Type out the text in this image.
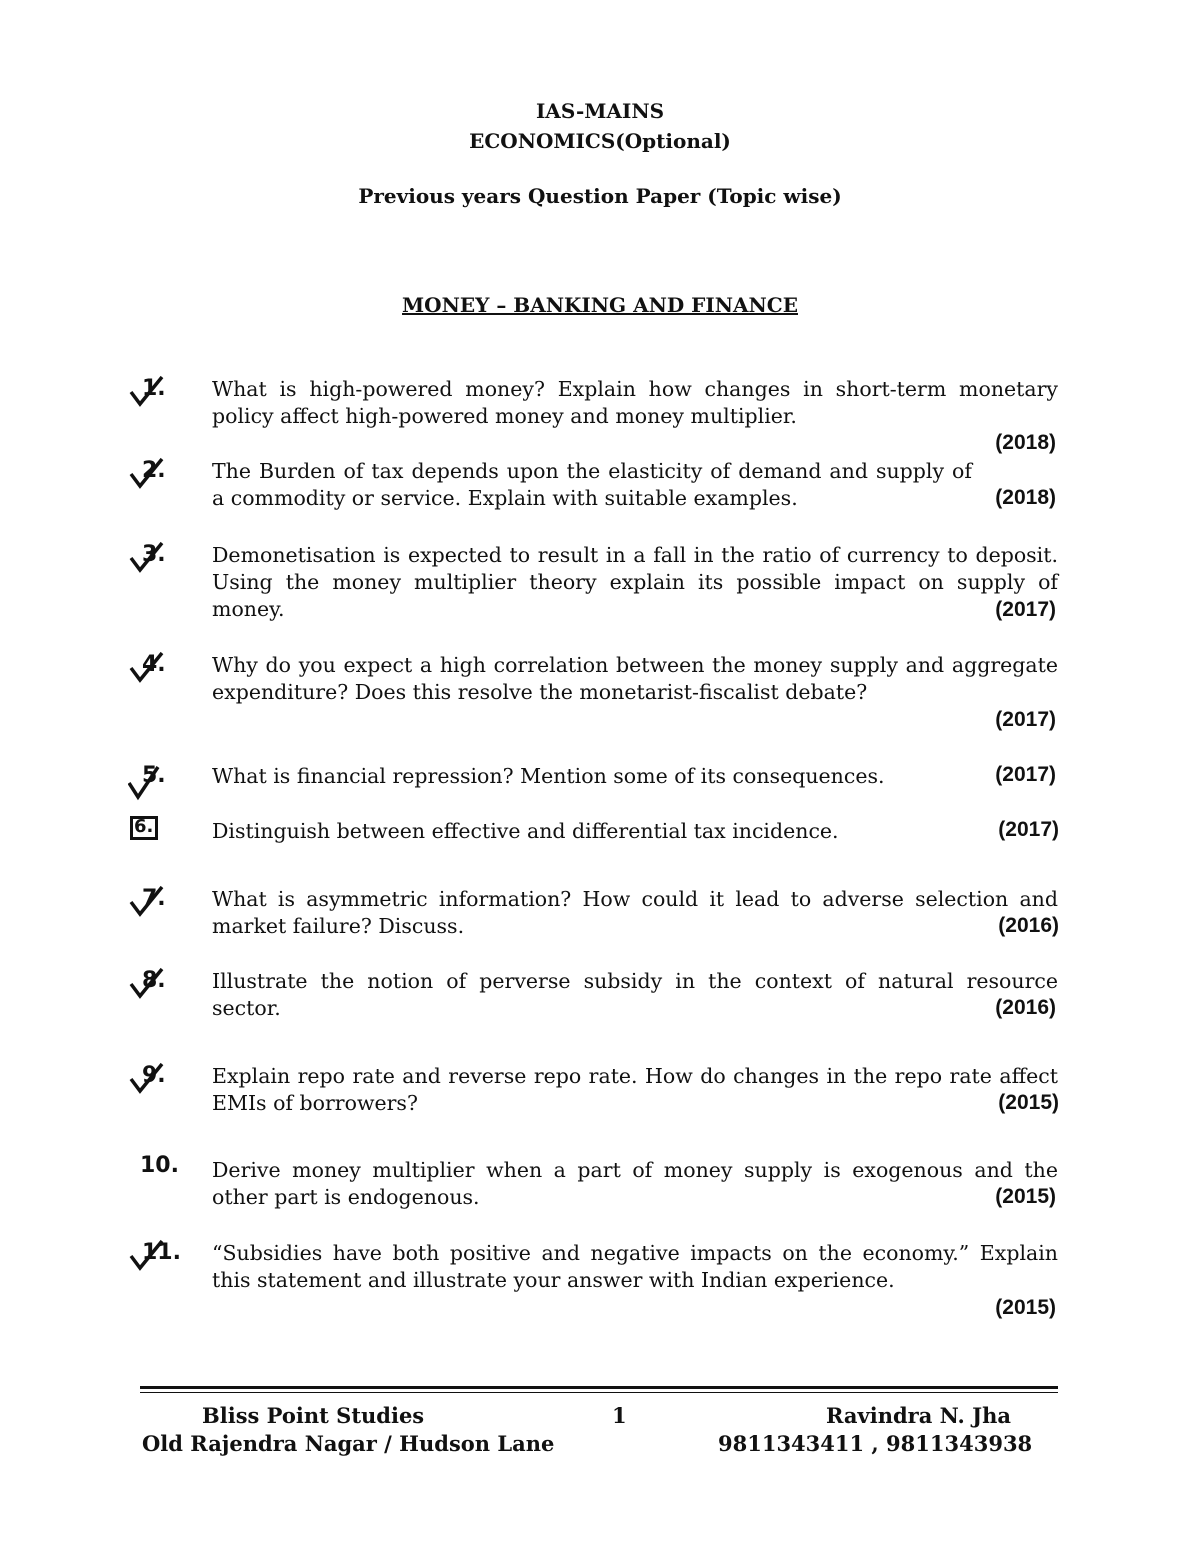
IAS-MAINS
ECONOMICS(Optional)
Previous years Question Paper (Topic wise)
MONEY – BANKING AND FINANCE
1. What is high-powered money? Explain how changes in short-term monetary policy affect high-powered money and money multiplier.
(2018)
2. The Burden of tax depends upon the elasticity of demand and supply of a commodity or service. Explain with suitable examples.	(2018)
3. Demonetisation is expected to result in a fall in the ratio of currency to deposit. Using the money multiplier theory explain its possible impact on supply of money.	(2017)
4. Why do you expect a high correlation between the money supply and aggregate expenditure? Does this resolve the monetarist-fiscalist debate?
(2017)
5. What is financial repression? Mention some of its consequences.	(2017)
6.	Distinguish between effective and differential tax incidence.	(2017)
7. What is asymmetric information? How could it lead to adverse selection and market failure? Discuss.	(2016)
8. Illustrate the notion of perverse subsidy in the context of natural resource sector.	(2016)
9. Explain repo rate and reverse repo rate. How do changes in the repo rate affect EMIs of borrowers?	(2015)
10. Derive money multiplier when a part of money supply is exogenous and the other part is endogenous.	(2015)
11. “Subsidies have both positive and negative impacts on the economy.” Explain this statement and illustrate your answer with Indian experience.
(2015)
Bliss Point Studies	1	Ravindra N. Jha
Old Rajendra Nagar / Hudson Lane	9811343411 , 9811343938
